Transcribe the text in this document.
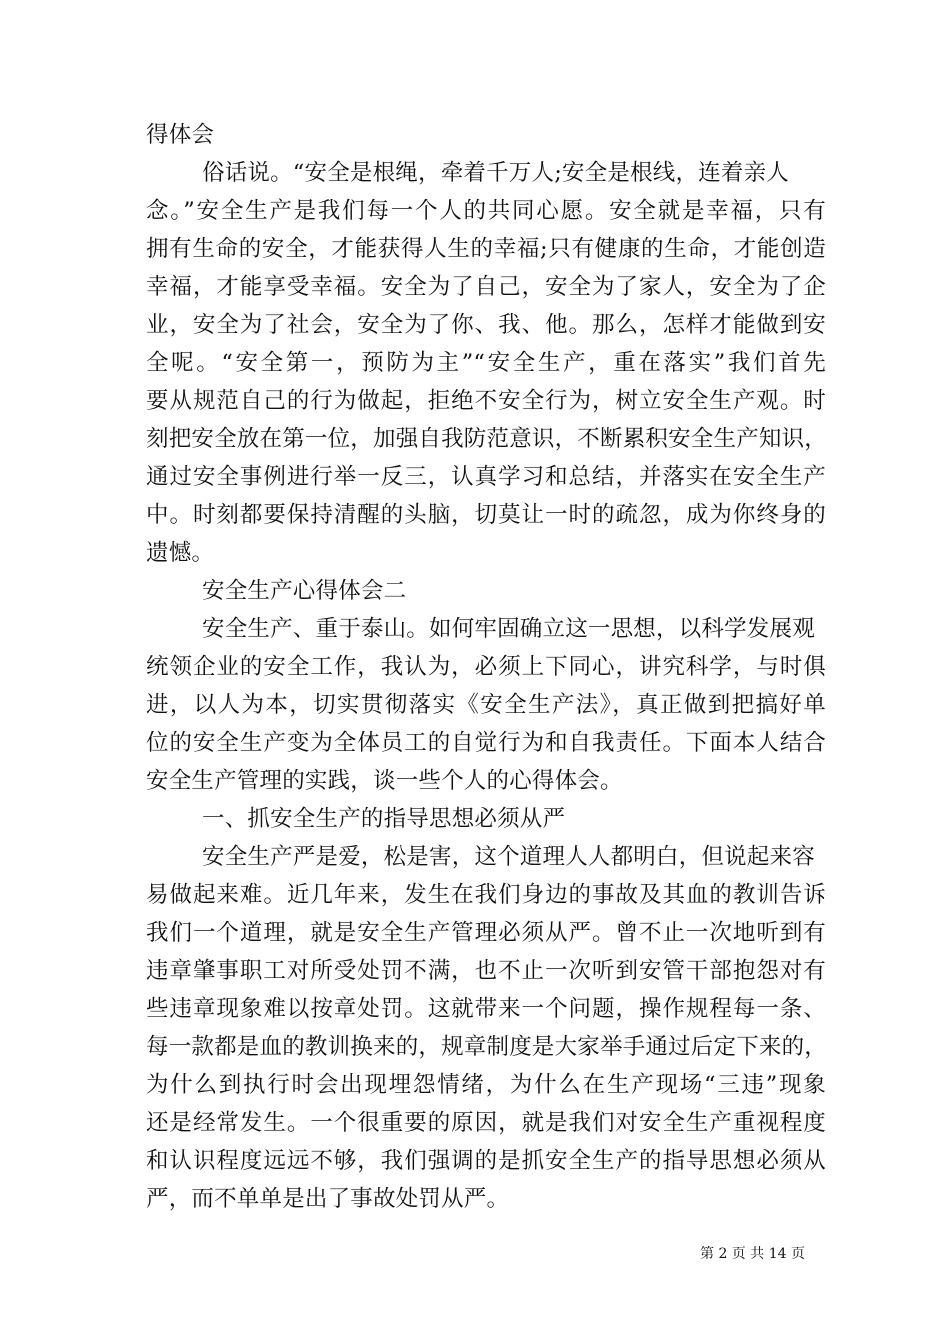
得体会
俗话说。“安全是根绳，牵着千万人;安全是根线，连着亲人
念。”安全生产是我们每一个人的共同心愿。安全就是幸福，只有
拥有生命的安全，才能获得人生的幸福;只有健康的生命，才能创造
幸福，才能享受幸福。安全为了自己，安全为了家人，安全为了企
业，安全为了社会，安全为了你、我、他。那么，怎样才能做到安
全呢。“安全第一，预防为主”“安全生产，重在落实”我们首先
要从规范自己的行为做起，拒绝不安全行为，树立安全生产观。时
刻把安全放在第一位，加强自我防范意识，不断累积安全生产知识，
通过安全事例进行举一反三，认真学习和总结，并落实在安全生产
中。时刻都要保持清醒的头脑，切莫让一时的疏忽，成为你终身的
遗憾。
安全生产心得体会二
安全生产、重于泰山。如何牢固确立这一思想，以科学发展观
统领企业的安全工作，我认为，必须上下同心，讲究科学，与时俱
进，以人为本，切实贯彻落实《安全生产法》，真正做到把搞好单
位的安全生产变为全体员工的自觉行为和自我责任。下面本人结合
安全生产管理的实践，谈一些个人的心得体会。
一、抓安全生产的指导思想必须从严
安全生产严是爱，松是害，这个道理人人都明白，但说起来容
易做起来难。近几年来，发生在我们身边的事故及其血的教训告诉
我们一个道理，就是安全生产管理必须从严。曾不止一次地听到有
违章肇事职工对所受处罚不满，也不止一次听到安管干部抱怨对有
些违章现象难以按章处罚。这就带来一个问题，操作规程每一条、
每一款都是血的教训换来的，规章制度是大家举手通过后定下来的，
为什么到执行时会出现埋怨情绪，为什么在生产现场“三违”现象
还是经常发生。一个很重要的原因，就是我们对安全生产重视程度
和认识程度远远不够，我们强调的是抓安全生产的指导思想必须从
严，而不单单是出了事故处罚从严。
第 2 页 共 14 页
